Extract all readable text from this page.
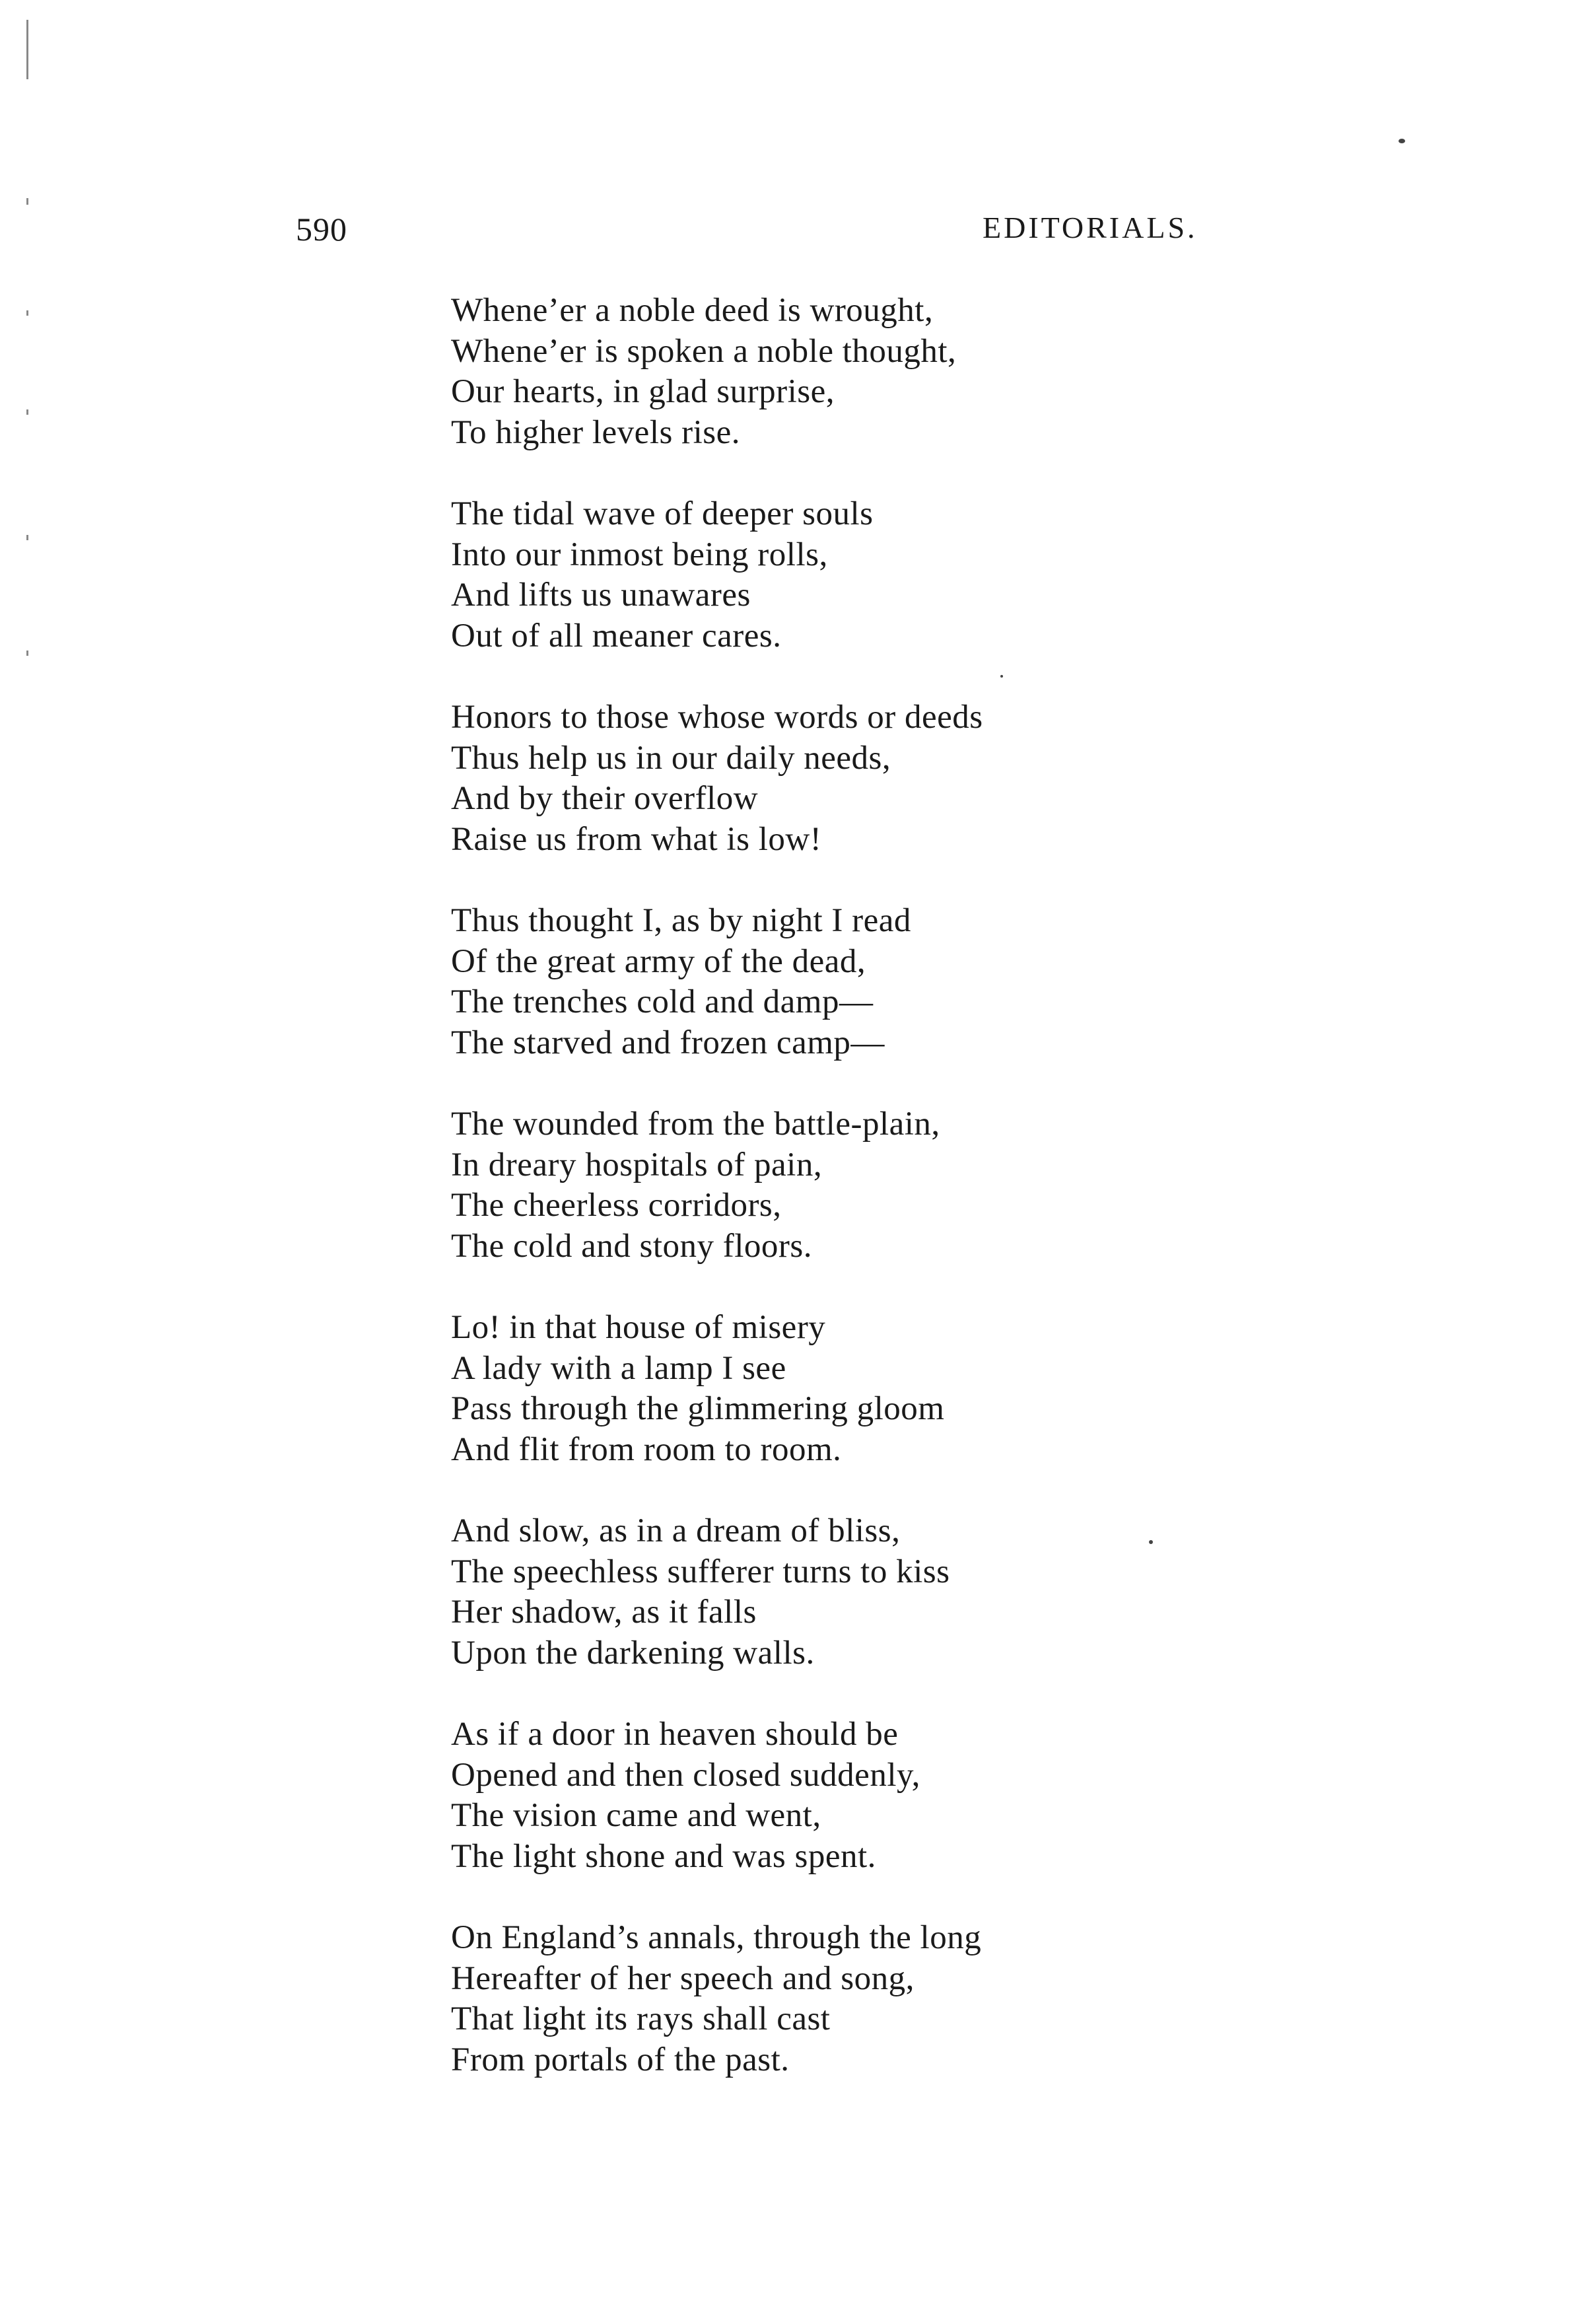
590	EDITORIALS.
Whene’er a noble deed is wrought,
Whene’er is spoken a noble thought,
Our hearts, in glad surprise,
To higher levels rise.
The tidal wave of deeper souls
Into our inmost being rolls,
And lifts us unawares
Out of all meaner cares.
Honors to those whose words or deeds
Thus help us in our daily needs,
And by their overflow
Raise us from what is low!
Thus thought I, as by night I read
Of the great army of the dead,
The trenches cold and damp—
The starved and frozen camp—
The wounded from the battle-plain,
In dreary hospitals of pain,
The cheerless corridors,
The cold and stony floors.
Lo! in that house of misery
A lady with a lamp I see
Pass through the glimmering gloom
And flit from room to room.
And slow, as in a dream of bliss,
The speechless sufferer turns to kiss
Her shadow, as it falls
Upon the darkening walls.
As if a door in heaven should be
Opened and then closed suddenly,
The vision came and went,
The light shone and was spent.
On England’s annals, through the long
Hereafter of her speech and song,
That light its rays shall cast
From portals of the past.
